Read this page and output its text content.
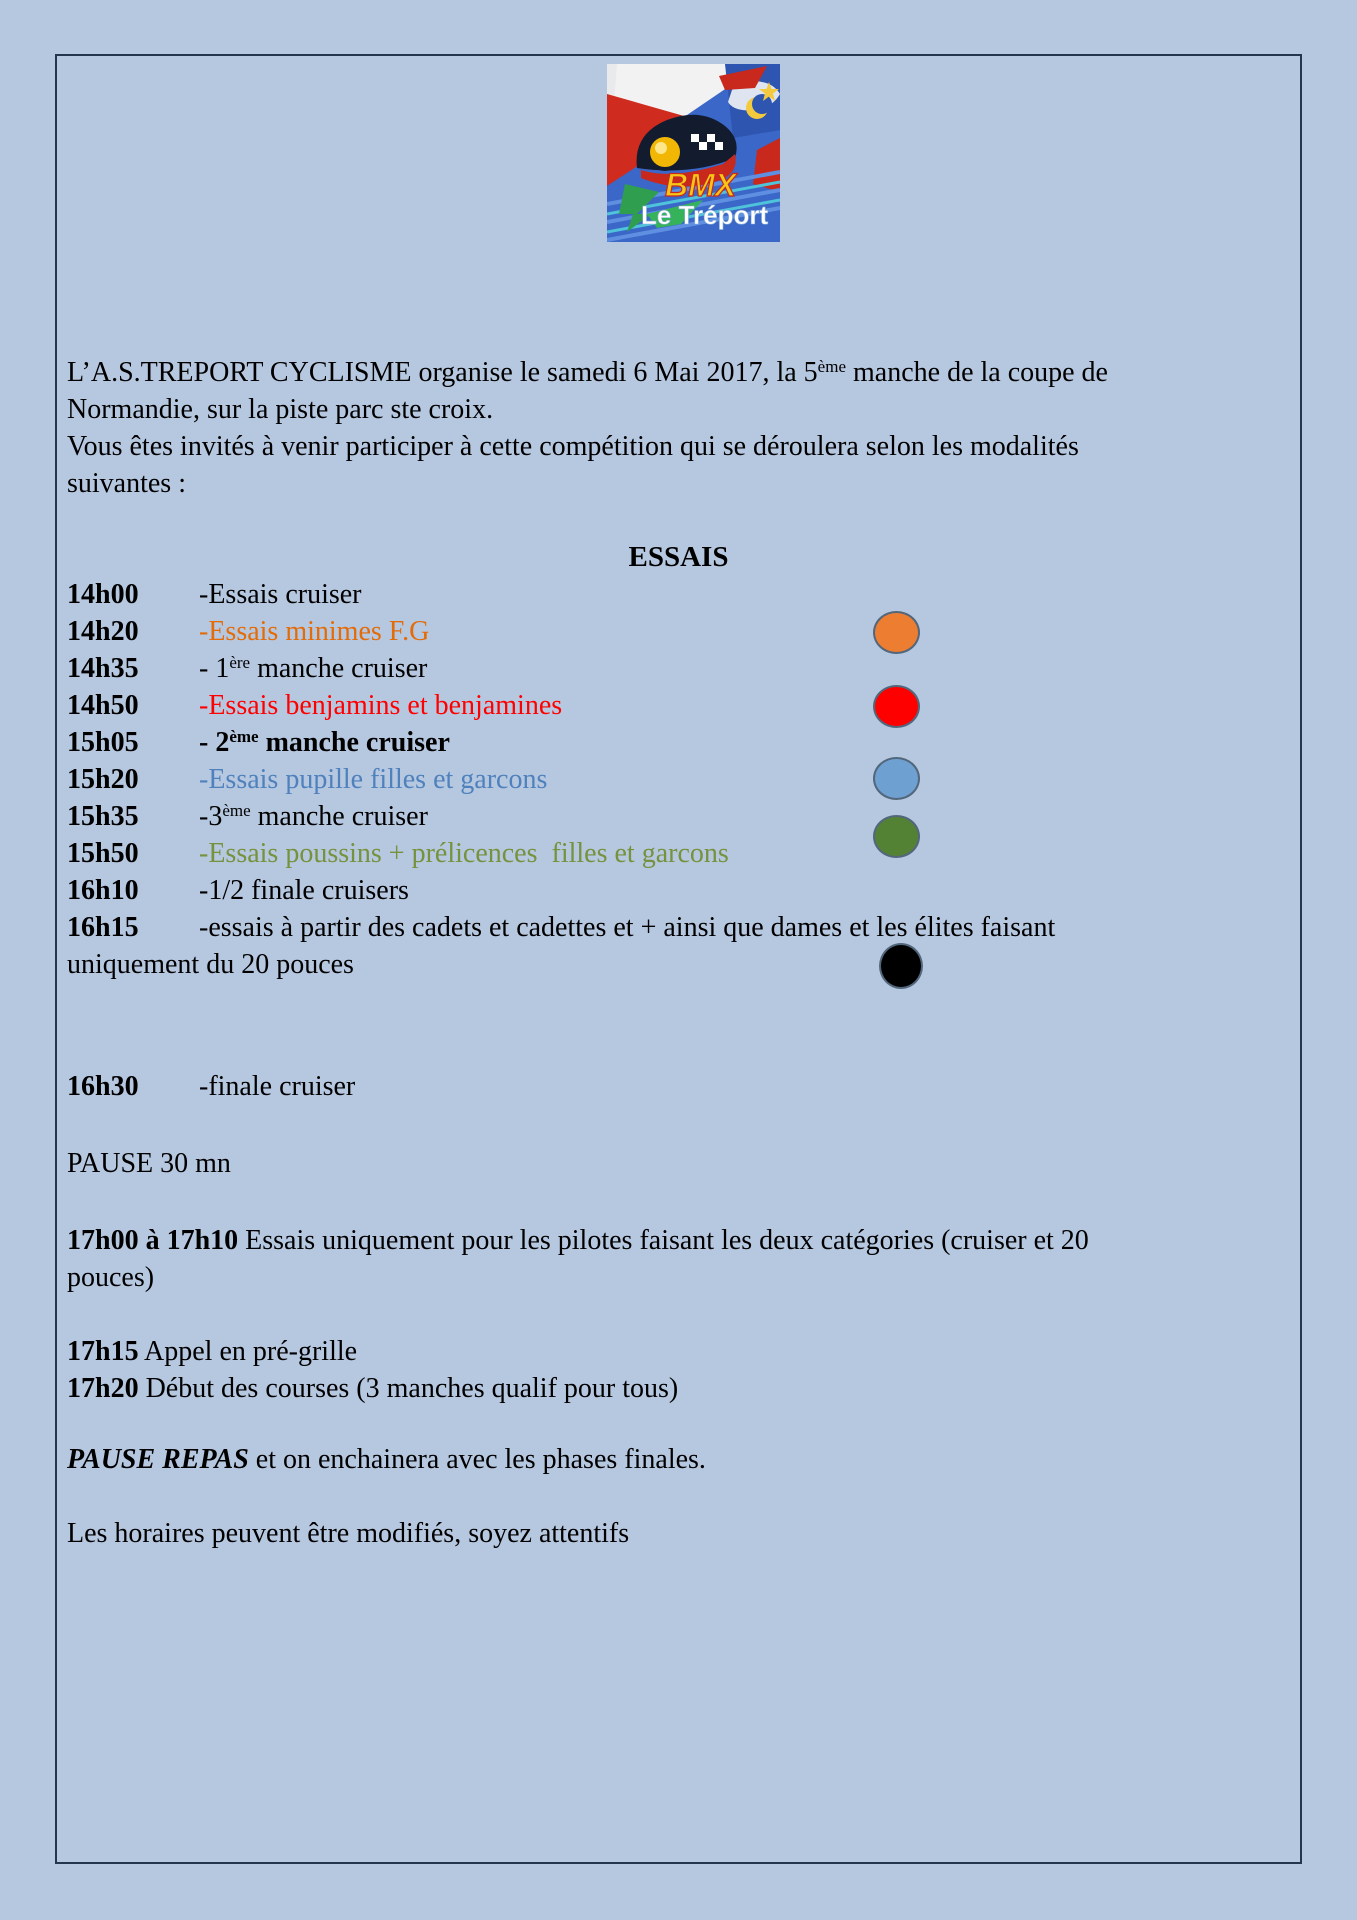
BMX
Le Tréport

L’A.S.TREPORT CYCLISME organise le samedi 6 Mai 2017, la 5ème manche de la coupe de
Normandie, sur la piste parc ste croix.

Vous êtes invités à venir participer à cette compétition qui se déroulera selon les modalités
suivantes :

ESSAIS
14h00 -Essais cruiser
14h20 -Essais minimes F.G
14h35 - 1ère manche cruiser
14h50 -Essais benjamins et benjamines
15h05 - 2ème manche cruiser
15h20 -Essais pupille filles et garcons
15h35 -3ème manche cruiser
15h50 -Essais poussins + prélicences  filles et garcons
16h10 -1/2 finale cruisers
16h15 -essais à partir des cadets et cadettes et + ainsi que dames et les élites faisant
uniquement du 20 pouces
16h30 -finale cruiser

PAUSE 30 mn

17h00 à 17h10 Essais uniquement pour les pilotes faisant les deux catégories (cruiser et 20
pouces)

17h15 Appel en pré-grille

17h20 Début des courses (3 manches qualif pour tous)

PAUSE REPAS et on enchainera avec les phases finales.

Les horaires peuvent être modifiés, soyez attentifs
